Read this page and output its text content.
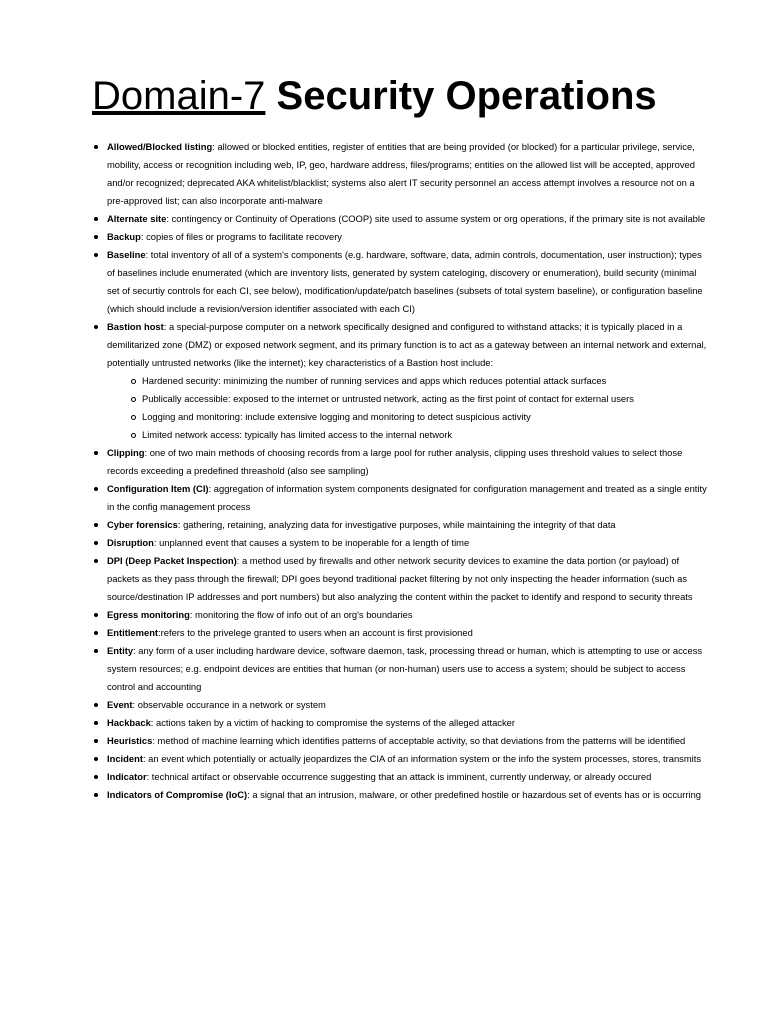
Domain-7 Security Operations
Allowed/Blocked listing: allowed or blocked entities, register of entities that are being provided (or blocked) for a particular privilege, service, mobility, access or recognition including web, IP, geo, hardware address, files/programs; entities on the allowed list will be accepted, approved and/or recognized; deprecated AKA whitelist/blacklist; systems also alert IT security personnel an access attempt involves a resource not on a pre-approved list; can also incorporate anti-malware
Alternate site: contingency or Continuity of Operations (COOP) site used to assume system or org operations, if the primary site is not available
Backup: copies of files or programs to facilitate recovery
Baseline: total inventory of all of a system's components (e.g. hardware, software, data, admin controls, documentation, user instruction); types of baselines include enumerated (which are inventory lists, generated by system cateloging, discovery or enumeration), build security (minimal set of securtiy controls for each CI, see below), modification/update/patch baselines (subsets of total system baseline), or configuration baseline (which should include a revision/version identifier associated with each CI)
Bastion host: a special-purpose computer on a network specifically designed and configured to withstand attacks; it is typically placed in a demilitarized zone (DMZ) or exposed network segment, and its primary function is to act as a gateway between an internal network and external, potentially untrusted networks (like the internet); key characteristics of a Bastion host include:
Hardened security: minimizing the number of running services and apps which reduces potential attack surfaces
Publically accessible: exposed to the internet or untrusted network, acting as the first point of contact for external users
Logging and monitoring: include extensive logging and monitoring to detect suspicious activity
Limited network access: typically has limited access to the internal network
Clipping: one of two main methods of choosing records from a large pool for ruther analysis, clipping uses threshold values to select those records exceeding a predefined threashold (also see sampling)
Configuration Item (CI): aggregation of information system components designated for configuration management and treated as a single entity in the config management process
Cyber forensics: gathering, retaining, analyzing data for investigative purposes, while maintaining the integrity of that data
Disruption: unplanned event that causes a system to be inoperable for a length of time
DPI (Deep Packet Inspection): a method used by firewalls and other network security devices to examine the data portion (or payload) of packets as they pass through the firewall; DPI goes beyond traditional packet filtering by not only inspecting the header information (such as source/destination IP addresses and port numbers) but also analyzing the content within the packet to identify and respond to security threats
Egress monitoring: monitoring the flow of info out of an org's boundaries
Entitlement:refers to the privelege granted to users when an account is first provisioned
Entity: any form of a user including hardware device, software daemon, task, processing thread or human, which is attempting to use or access system resources; e.g. endpoint devices are entities that human (or non-human) users use to access a system; should be subject to access control and accounting
Event: observable occurance in a network or system
Hackback: actions taken by a victim of hacking to compromise the systems of the alleged attacker
Heuristics: method of machine learning which identifies patterns of acceptable activity, so that deviations from the patterns will be identified
Incident: an event which potentially or actually jeopardizes the CIA of an information system or the info the system processes, stores, transmits
Indicator: technical artifact or observable occurrence suggesting that an attack is imminent, currently underway, or already occured
Indicators of Compromise (IoC): a signal that an intrusion, malware, or other predefined hostile or hazardous set of events has or is occurring
